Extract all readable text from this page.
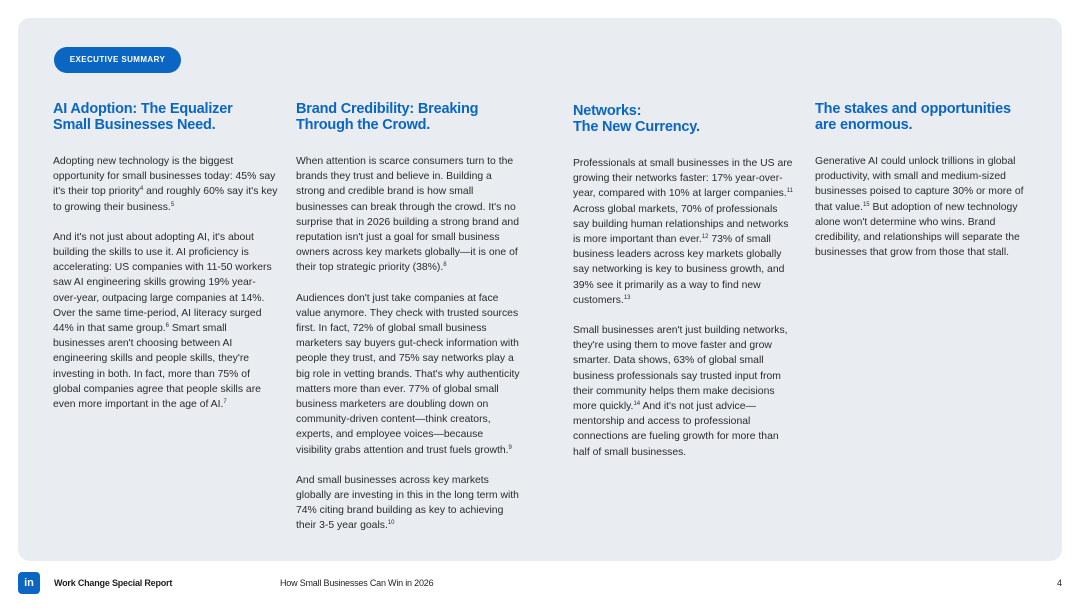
EXECUTIVE SUMMARY
AI Adoption: The Equalizer
Small Businesses Need.

Adopting new technology is the biggest opportunity for small businesses today: 45% say it's their top priority$^4$ and roughly 60% say it's key to growing their business.$^5$

And it's not just about adopting AI, it's about building the skills to use it. AI proficiency is accelerating: US companies with 11-50 workers saw AI engineering skills growing 19% year-over-year, outpacing large companies at 14%. Over the same time-period, AI literacy surged 44% in that same group.$^6$ Smart small businesses aren't choosing between AI engineering skills and people skills, they're investing in both. In fact, more than 75% of global companies agree that people skills are even more important in the age of AI.$^7$

Brand Credibility: Breaking
Through the Crowd.

When attention is scarce consumers turn to the brands they trust and believe in. Building a strong and credible brand is how small businesses can break through the crowd. It's no surprise that in 2026 building a strong brand and reputation isn't just a goal for small business owners across key markets globally—it is one of their top strategic priority (38%).$^8$

Audiences don't just take companies at face value anymore. They check with trusted sources first. In fact, 72% of global small business marketers say buyers gut-check information with people they trust, and 75% say networks play a big role in vetting brands. That's why authenticity matters more than ever. 77% of global small business marketers are doubling down on community-driven content—think creators, experts, and employee voices—because visibility grabs attention and trust fuels growth.$^9$

And small businesses across key markets globally are investing in this in the long term with 74% citing brand building as key to achieving their 3-5 year goals.$^{10}$

Networks:
The New Currency.

Professionals at small businesses in the US are growing their networks faster: 17% year-over-year, compared with 10% at larger companies.$^{11}$ Across global markets, 70% of professionals say building human relationships and networks is more important than ever.$^{12}$ 73% of small business leaders across key markets globally say networking is key to business growth, and 39% see it primarily as a way to find new customers.$^{13}$

Small businesses aren't just building networks, they're using them to move faster and grow smarter. Data shows, 63% of global small business professionals say trusted input from their community helps them make decisions more quickly.$^{14}$ And it's not just advice— mentorship and access to professional connections are fueling growth for more than half of small businesses.

The stakes and opportunities
are enormous.

Generative AI could unlock trillions in global productivity, with small and medium-sized businesses poised to capture 30% or more of that value.$^{15}$ But adoption of new technology alone won't determine who wins. Brand credibility, and relationships will separate the businesses that grow from those that stall.

in	Work Change Special Report	How Small Businesses Can Win in 2026	4
